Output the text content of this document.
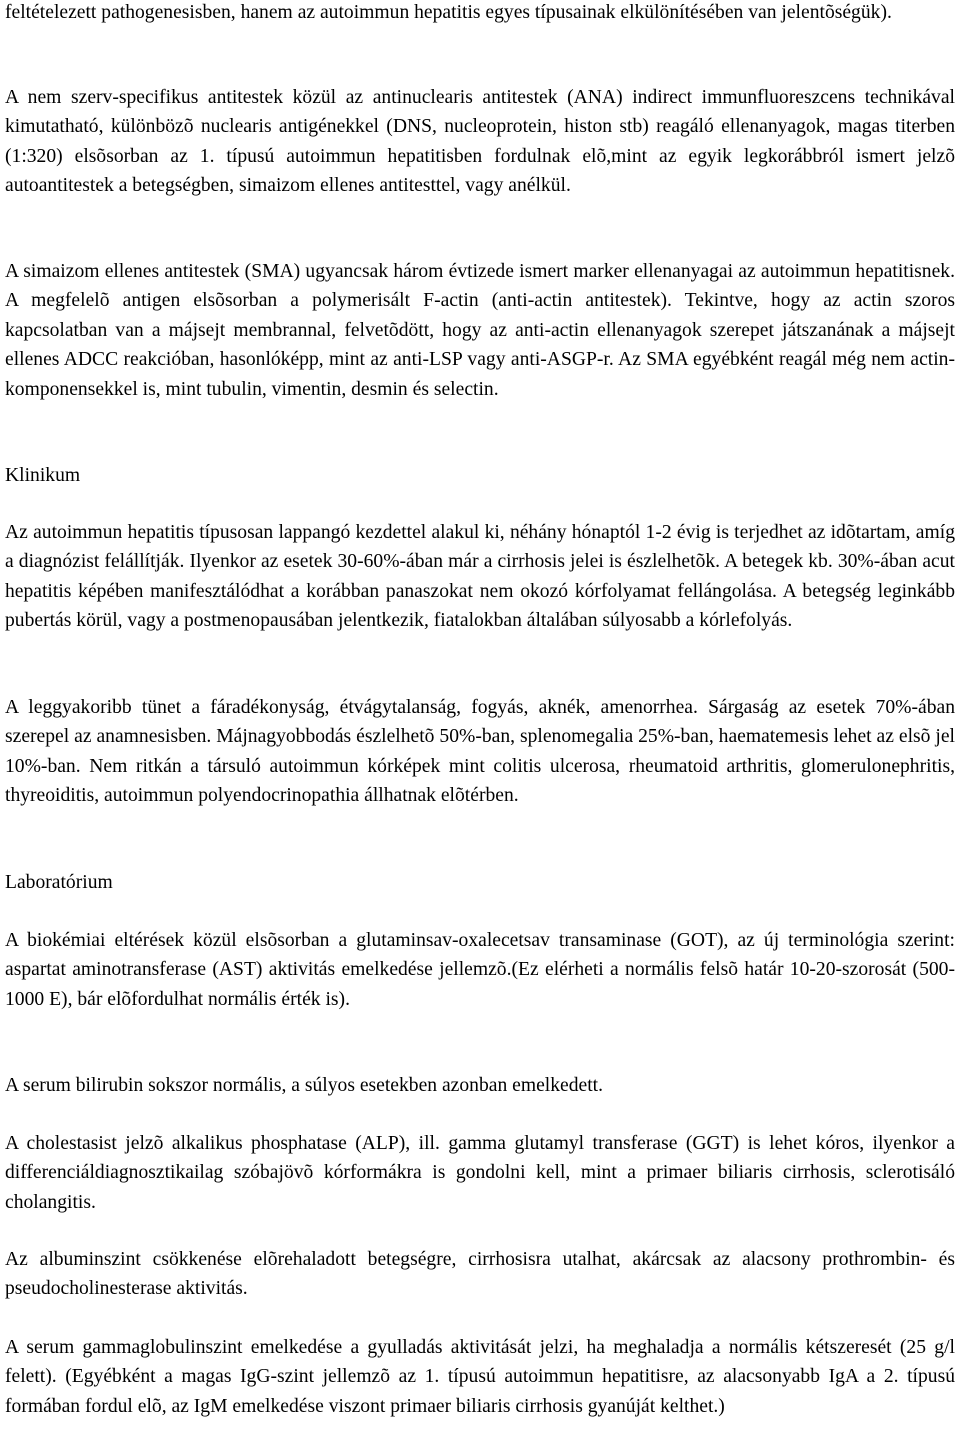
feltételezett pathogenesisben, hanem az autoimmun hepatitis egyes típusainak elkülönítésében van jelentõségük).

A nem szerv-specifikus antitestek közül az antinuclearis antitestek (ANA) indirect immunfluoreszcens technikával kimutatható, különbözõ nuclearis antigénekkel (DNS, nucleoprotein, histon stb) reagáló ellenanyagok, magas titerben (1:320) elsõsorban az 1. típusú autoimmun hepatitisben fordulnak elõ,mint az egyik legkorábbról ismert jelzõ autoantitestek a betegségben, simaizom ellenes antitesttel, vagy anélkül.

A simaizom ellenes antitestek (SMA) ugyancsak három évtizede ismert marker ellenanyagai az autoimmun hepatitisnek. A megfelelõ antigen elsõsorban a polymerisált F-actin (anti-actin antitestek). Tekintve, hogy az actin szoros kapcsolatban van a májsejt membrannal, felvetõdött, hogy az anti-actin ellenanyagok szerepet játszanának a májsejt ellenes ADCC reakcióban, hasonlóképp, mint az anti-LSP vagy anti-ASGP-r. Az SMA egyébként reagál még nem actin-komponensekkel is, mint tubulin, vimentin, desmin és selectin.

Klinikum

Az autoimmun hepatitis típusosan lappangó kezdettel alakul ki, néhány hónaptól 1-2 évig is terjedhet az idõtartam, amíg a diagnózist felállítják. Ilyenkor az esetek 30-60%-ában már a cirrhosis jelei is észlelhetõk. A betegek kb. 30%-ában acut hepatitis képében manifesztálódhat a korábban panaszokat nem okozó kórfolyamat fellángolása. A betegség leginkább pubertás körül, vagy a postmenopausában jelentkezik, fiatalokban általában súlyosabb a kórlefolyás.

A leggyakoribb tünet a fáradékonyság, étvágytalanság, fogyás, aknék, amenorrhea. Sárgaság az esetek 70%-ában szerepel az anamnesisben. Májnagyobbodás észlelhetõ 50%-ban, splenomegalia 25%-ban, haematemesis lehet az elsõ jel 10%-ban. Nem ritkán a társuló autoimmun kórképek mint colitis ulcerosa, rheumatoid arthritis, glomerulonephritis, thyreoiditis, autoimmun polyendocrinopathia állhatnak elõtérben.

Laboratórium

A biokémiai eltérések közül elsõsorban a glutaminsav-oxalecetsav transaminase (GOT), az új terminológia szerint: aspartat aminotransferase (AST) aktivitás emelkedése jellemzõ.(Ez elérheti a normális felsõ határ 10-20-szorosát (500-1000 E), bár elõfordulhat normális érték is).

A serum bilirubin sokszor normális, a súlyos esetekben azonban emelkedett.

A cholestasist jelzõ alkalikus phosphatase (ALP), ill. gamma glutamyl transferase (GGT) is lehet kóros, ilyenkor a differenciáldiagnosztikailag szóbajövõ kórformákra is gondolni kell, mint a primaer biliaris cirrhosis, sclerotisáló cholangitis.

Az albuminszint csökkenése elõrehaladott betegségre, cirrhosisra utalhat, akárcsak az alacsony prothrombin- és pseudocholinesterase aktivitás.

A serum gammaglobulinszint emelkedése a gyulladás aktivitását jelzi, ha meghaladja a normális kétszeresét (25 g/l felett). (Egyébként a magas IgG-szint jellemzõ az 1. típusú autoimmun hepatitisre, az alacsonyabb IgA a 2. típusú formában fordul elõ, az IgM emelkedése viszont primaer biliaris cirrhosis gyanúját kelthet.)
